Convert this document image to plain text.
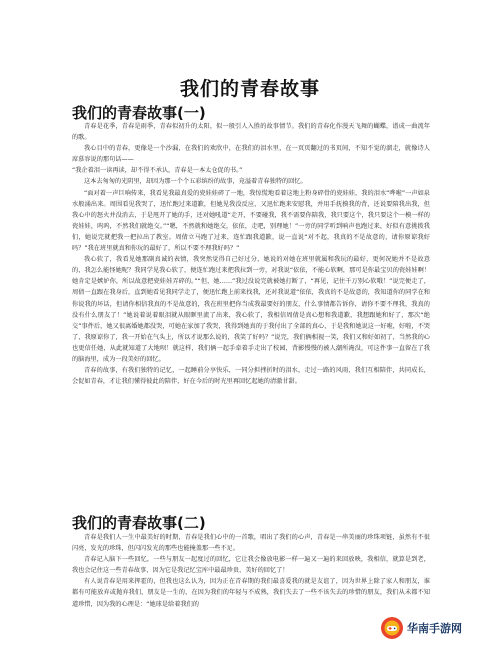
我们的青春故事
我们的青春故事(一)

青春是花季，青春是雨季，青春似初升的太阳，似一般引人入胜的故事情节。我们的青春化作漫天飞舞的蝴蝶，谱成一曲流年的歌。

我心目中的青春，更像是一个沙漏，在我们的欢欣中，在我们的泪水里，在一页页翻过的书页间，不知不觉的溜走，就像诗人席慕容说的那句话——

“我企着泪一读再读，却不得不承认，青春是一本太仓促的书。”

这本去匆匆的光阴里，却因为那一个个五彩缤纷的故事，竟溢着青春独特的回忆。

“面对着一声巨响传来，我看见我最真爱的瓷娃娃碎了一地，我惊慌地看着这地上粉身碎骨的瓷娃娃，我的泪水“哗啦”一声如泉水般涌出来。周围看见我哭了，迅忙跑过来道歉，但她见我没反应，又迅忙跑来安慰我，并用手抚摸我的背，还说要陪我出我，但我心中的怒火并没消去，于是甩开了她的手，还对她吼道“走开，不要碰我，我不需要你陪我，我只要这个，我只要这个一模一样的瓷娃娃，呜呜，不然我们就绝交。”“嗯，不然就和她绝交，依依，走吧，别理她！”一旁的同学听到响声也跑过来，好似有意挑拨我们，她说完就把我一把拉出了教室。周倩立马跑了过来，连忙跟我道歉，说一直说“对不起，我真的不是故意的，请你原谅我好吗？”我在班里就真和你玩的最好了，所以不要不理我好吗？”

我心软了，我看见她那副真诚的表情，我突然觉得自己好过分，她说的对她在班里就属和我玩的最好，更何况她并不是故意的，我怎么能怪她呢？我同学见我心软了，便连忙跑过来把我拉到一旁，对我说“依依，不能心软啊，那可是你最宝贝的瓷娃娃啊！她肯定是嫉妒你，所以故意把瓷娃娃弄碎的。”“但，她……”我过没说完就被她打断了，“再见，记住千万别心软哦！”说完便走了，周倩一直跟在我身后，直到她看见我同学走了，便迅忙跑上前来找我，还对我说道“依依，我真的不是故意的，我知道你的同学在和你说我的坏话，但请你相信我真的不是故意的，我在班里把你当成我最要好的朋友，什么事情都告诉你，请你不要不理我，我真的没有什么朋友了！”她说着说着眼泪就从眼眶里流了出来，我心软了，我相信周倩是真心想和我道歉，我想跟她和好了，那次“绝交”事件后，她又很离婚她都没哭，可她在家加了我哭，我得到她真的于我付出了全部的真心，于是我和她说这一好啦，好啦，不哭了，我原谅你了，我一开始在气头上，所以才说那么说的，我笑了好吗？”说完，我们俩相视一笑，我们又和好如初了，当然我的心也更信任她，从此就知道了大地呗！就这样，我们俩一起手牵着手走出了校园，背影慢慢的被人潮所淹没，可这件事一直留在了我的脑海里，成为一段美好的回忆。

青春的故事，有我们独特的记忆，一起睡前分享快乐，一同分担挫折时的泪水，走过一路的风雨，我们互相陪伴，共同成长，会促如青春，才让我们懂得彼此的陪伴，好在今后的时光里再回忆起她的清澈甘甜。

我们的青春故事(二)

青春是我们人一生中最美好的时期，青春是我们心中的一首歌，唱出了我们的心声，青春是一串美丽的珍珠项链，虽然有不很闪亮，发光的珍珠，但闪闪发光的那些也能掩盖那一些不足。

青春记入脑下一些回忆，一些与朋友一起度过的回忆，它让我会像放电影一样一遍又一遍的来回放映，我相信，就算是到老，我也会记住这一些青春故事，因为它是我记忆宝库中最最珍贵、美好的回忆了！

有人说青春是用来挥霍的，但我也这么认为，因为正在青春期的我们最喜爱我的就是友谊了，因为世界上除了家人和朋友，谁都有可能放弃或抛弃我们，朋友是一生的，在因为我们的年轻与不成熟，我们失去了一些不该失去的珍惜的朋友，我们从未都不知道珍惜，因为我的心理是：“她球是给着我们的

华南手游网
